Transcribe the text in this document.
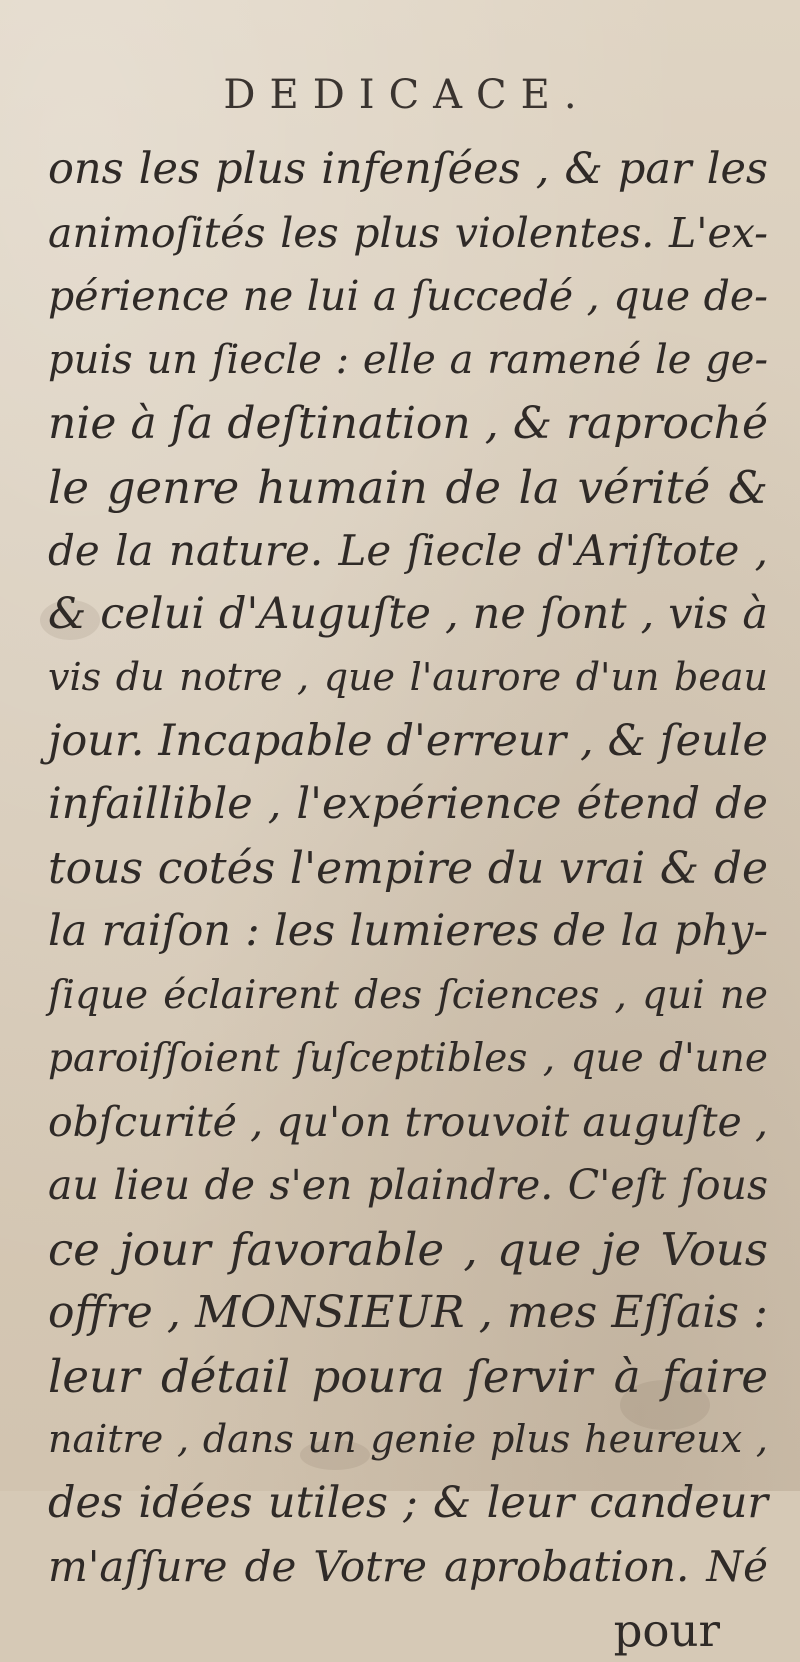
DEDICACE.
ons les plus infenſées , & par les
animoſités les plus violentes. L'ex-
périence ne lui a ſuccedé , que de-
puis un ſiecle : elle a ramené le ge-
nie à ſa deſtination , & raproché
le genre humain de la vérité &
de la nature. Le ſiecle d'Ariſtote ,
& celui d'Auguſte , ne ſont , vis à
vis du notre , que l'aurore d'un beau
jour. Incapable d'erreur , & ſeule
infaillible , l'expérience étend de
tous cotés l'empire du vrai & de
la raiſon : les lumieres de la phy-
ſique éclairent des ſciences , qui ne
paroiſſoient ſuſceptibles , que d'une
obſcurité , qu'on trouvoit auguſte ,
au lieu de s'en plaindre. C'eſt ſous
ce jour favorable , que je Vous
offre , MONSIEUR , mes Eſſais :
leur détail poura ſervir à faire
naitre , dans un genie plus heureux ,
des idées utiles ; & leur candeur
m'aſſure de Votre aprobation. Né
pour
